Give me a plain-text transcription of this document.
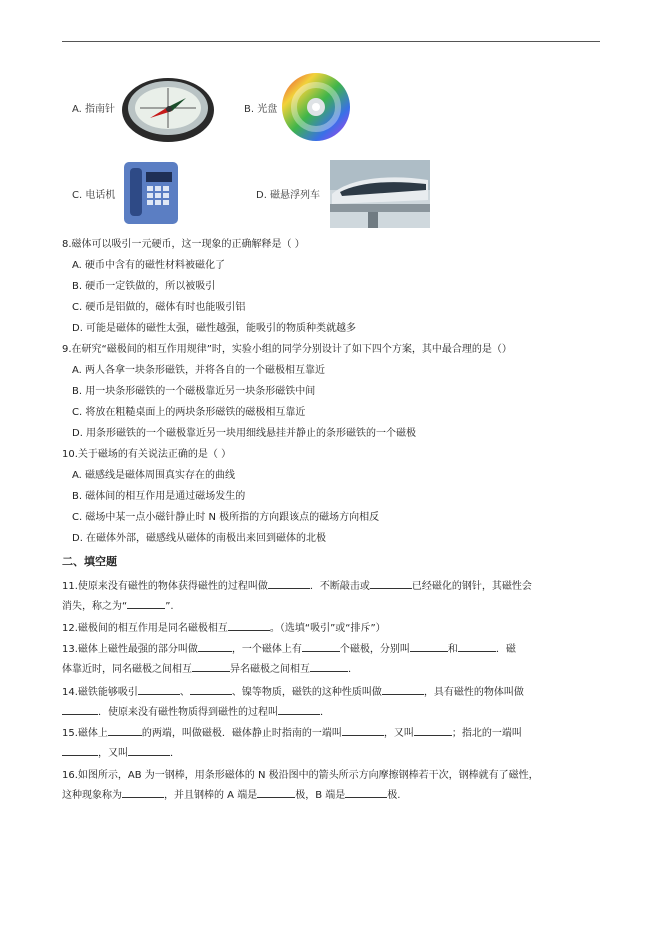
A. 指南针	B. 光盘
C. 电话机	D. 磁悬浮列车
8.磁体可以吸引一元硬币，这一现象的正确解释是（ ）
A. 硬币中含有的磁性材料被磁化了
B. 硬币一定铁做的，所以被吸引
C. 硬币是铝做的，磁体有时也能吸引铝
D. 可能是磁体的磁性太强，磁性越强，能吸引的物质种类就越多
9.在研究“磁极间的相互作用规律”时，实验小组的同学分别设计了如下四个方案，其中最合理的是（）
A. 两人各拿一块条形磁铁，并将各自的一个磁极相互靠近
B. 用一块条形磁铁的一个磁极靠近另一块条形磁铁中间
C. 将放在粗糙桌面上的两块条形磁铁的磁极相互靠近
D. 用条形磁铁的一个磁极靠近另一块用细线悬挂并静止的条形磁铁的一个磁极
10.关于磁场的有关说法正确的是（ ）
A. 磁感线是磁体周围真实存在的曲线
B. 磁体间的相互作用是通过磁场发生的
C. 磁场中某一点小磁针静止时 N 极所指的方向跟该点的磁场方向相反
D. 在磁体外部，磁感线从磁体的南极出来回到磁体的北极
二、填空题
11.使原来没有磁性的物体获得磁性的过程叫做	．不断敲击或	已经磁化的钢针，其磁性会
消失，称之为“	”.
12.磁极间的相互作用是同名磁极相互	。（选填“吸引”或“排斥”）
13.磁体上磁性最强的部分叫做	，一个磁体上有	个磁极，分别叫	和	．磁
体靠近时，同名磁极之间相互	异名磁极之间相互	．
14.磁铁能够吸引	、	、镍等物质，磁铁的这种性质叫做	，具有磁性的物体叫做
．使原来没有磁性物质得到磁性的过程叫	．
15.磁体上	的两端，叫做磁极．磁体静止时指南的一端叫	，又叫	；指北的一端叫
，又叫	．
16.如图所示，AB 为一钢棒，用条形磁体的 N 极沿图中的箭头所示方向摩擦钢棒若干次，钢棒就有了磁性，
这种现象称为	，并且钢棒的 A 端是	极，B 端是	极.
